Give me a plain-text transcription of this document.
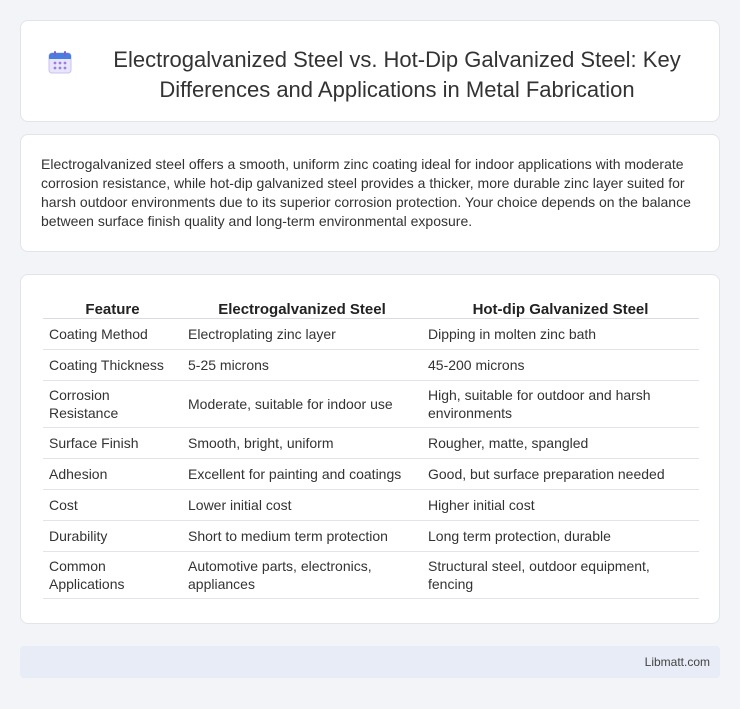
Electrogalvanized Steel vs. Hot-Dip Galvanized Steel: Key Differences and Applications in Metal Fabrication

Electrogalvanized steel offers a smooth, uniform zinc coating ideal for indoor applications with moderate corrosion resistance, while hot-dip galvanized steel provides a thicker, more durable zinc layer suited for harsh outdoor environments due to its superior corrosion protection. Your choice depends on the balance between surface finish quality and long-term environmental exposure.

Feature	Electrogalvanized Steel	Hot-dip Galvanized Steel
Coating Method	Electroplating zinc layer	Dipping in molten zinc bath
Coating Thickness	5-25 microns	45-200 microns
Corrosion Resistance	Moderate, suitable for indoor use	High, suitable for outdoor and harsh environments
Surface Finish	Smooth, bright, uniform	Rougher, matte, spangled
Adhesion	Excellent for painting and coatings	Good, but surface preparation needed
Cost	Lower initial cost	Higher initial cost
Durability	Short to medium term protection	Long term protection, durable
Common Applications	Automotive parts, electronics, appliances	Structural steel, outdoor equipment, fencing
Libmatt.com
